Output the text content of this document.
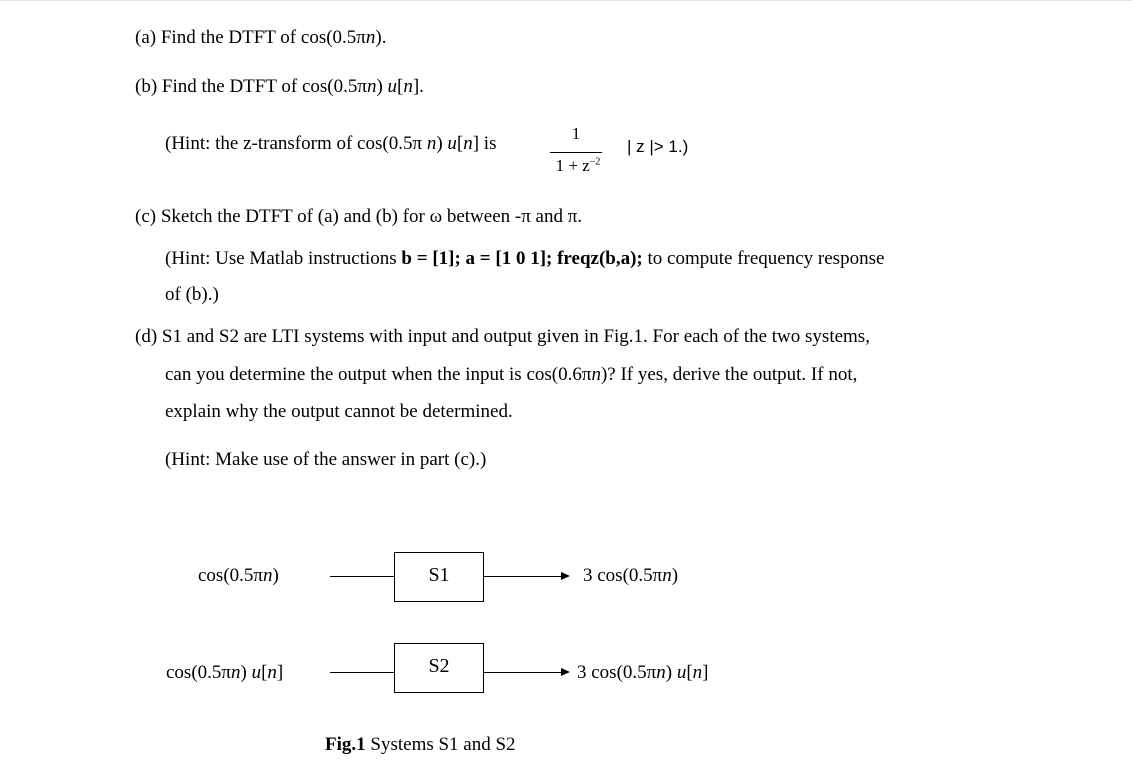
(a) Find the DTFT of cos(0.5πn).
(b) Find the DTFT of cos(0.5πn) u[n].
(Hint: the z-transform of cos(0.5π n) u[n] is	1
$1 + z^{-2}$
| z |> 1.)
(c) Sketch the DTFT of (a) and (b) for ω between -π and π.
(Hint: Use Matlab instructions b = [1]; a = [1 0 1]; freqz(b,a); to compute frequency response
of (b).)
(d) S1 and S2 are LTI systems with input and output given in Fig.1. For each of the two systems,
can you determine the output when the input is cos(0.6πn)? If yes, derive the output. If not,
explain why the output cannot be determined.
(Hint: Make use of the answer in part (c).)
cos(0.5πn)	S1	3 cos(0.5πn)
cos(0.5πn) u[n]	S2	3 cos(0.5πn) u[n]
Fig.1 Systems S1 and S2
